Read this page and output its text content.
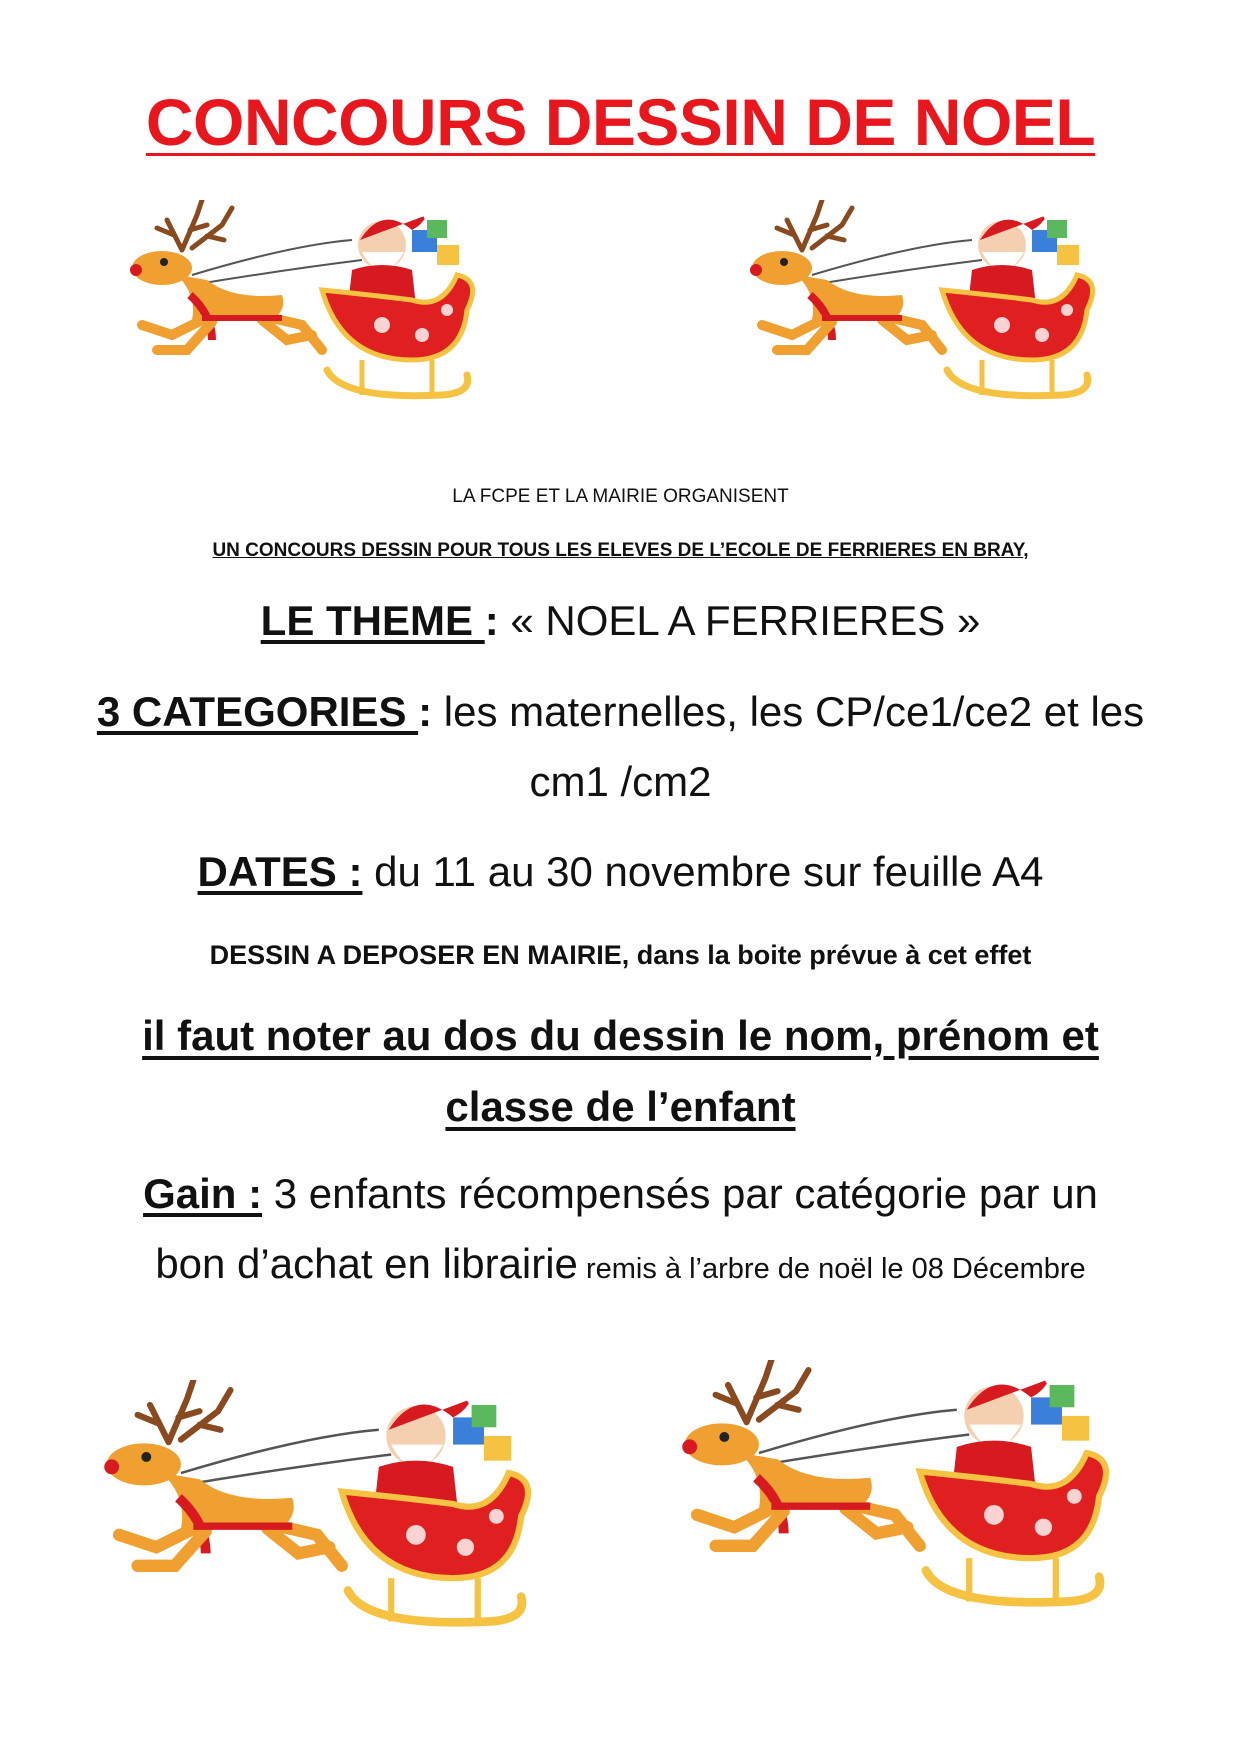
CONCOURS DESSIN DE NOEL
LA FCPE ET LA MAIRIE ORGANISENT
UN CONCOURS DESSIN POUR TOUS LES ELEVES DE L’ECOLE DE FERRIERES EN BRAY,
LE THEME : « NOEL A FERRIERES »
3 CATEGORIES : les maternelles, les CP/ce1/ce2 et les
cm1 /cm2
DATES : du 11 au 30 novembre sur feuille A4
DESSIN A DEPOSER EN MAIRIE, dans la boite prévue à cet effet
il faut noter au dos du dessin le nom, prénom et
classe de l’enfant
Gain : 3 enfants récompensés par catégorie par un
bon d’achat en librairie remis à l’arbre de noël le 08 Décembre
